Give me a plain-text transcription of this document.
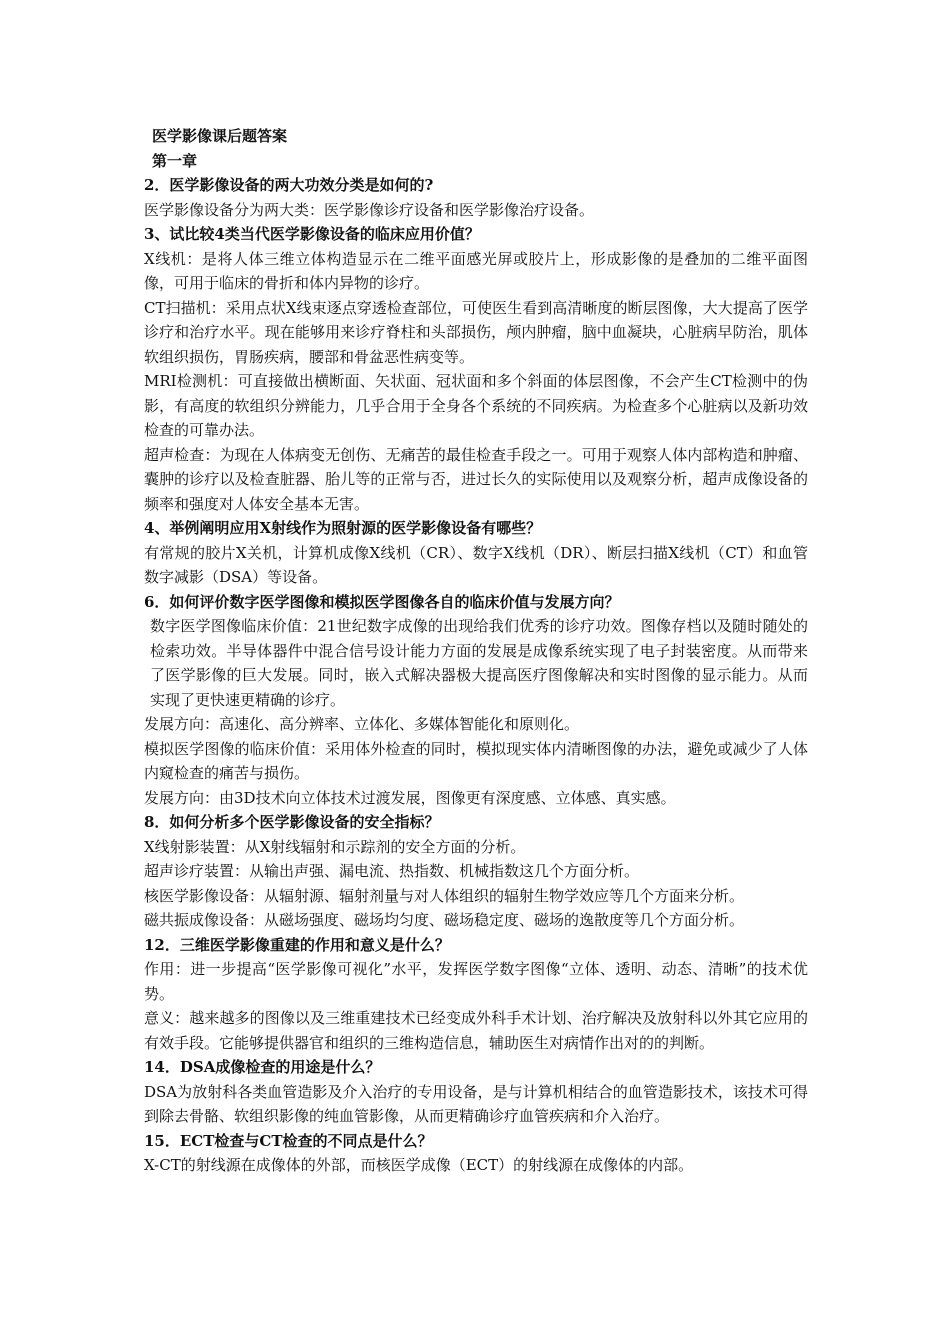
医学影像课后题答案
第一章
2．医学影像设备的两大功效分类是如何的?
医学影像设备分为两大类：医学影像诊疗设备和医学影像治疗设备。
3、试比较4类当代医学影像设备的临床应用价值？
X线机：是将人体三维立体构造显示在二维平面感光屏或胶片上，形成影像的是叠加的二维平面图像，可用于临床的骨折和体内异物的诊疗。
CT扫描机：采用点状X线束逐点穿透检查部位，可使医生看到高清晰度的断层图像，大大提高了医学诊疗和治疗水平。现在能够用来诊疗脊柱和头部损伤，颅内肿瘤，脑中血凝块，心脏病早防治，肌体软组织损伤，胃肠疾病，腰部和骨盆恶性病变等。
MRI检测机：可直接做出横断面、矢状面、冠状面和多个斜面的体层图像，不会产生CT检测中的伪影，有高度的软组织分辨能力，几乎合用于全身各个系统的不同疾病。为检查多个心脏病以及新功效检查的可靠办法。
超声检查：为现在人体病变无创伤、无痛苦的最佳检查手段之一。可用于观察人体内部构造和肿瘤、囊肿的诊疗以及检查脏器、胎儿等的正常与否，进过长久的实际使用以及观察分析，超声成像设备的频率和强度对人体安全基本无害。
4、举例阐明应用X射线作为照射源的医学影像设备有哪些？
有常规的胶片X关机，计算机成像X线机（CR）、数字X线机（DR）、断层扫描X线机（CT）和血管数字减影（DSA）等设备。
6．如何评价数字医学图像和模拟医学图像各自的临床价值与发展方向？
数字医学图像临床价值：21世纪数字成像的出现给我们优秀的诊疗功效。图像存档以及随时随处的检索功效。半导体器件中混合信号设计能力方面的发展是成像系统实现了电子封装密度。从而带来了医学影像的巨大发展。同时，嵌入式解决器极大提高医疗图像解决和实时图像的显示能力。从而实现了更快速更精确的诊疗。
发展方向：高速化、高分辨率、立体化、多媒体智能化和原则化。
模拟医学图像的临床价值：采用体外检查的同时，模拟现实体内清晰图像的办法，避免或减少了人体内窥检查的痛苦与损伤。
发展方向：由3D技术向立体技术过渡发展，图像更有深度感、立体感、真实感。
8．如何分析多个医学影像设备的安全指标？
X线射影装置：从X射线辐射和示踪剂的安全方面的分析。
超声诊疗装置：从输出声强、漏电流、热指数、机械指数这几个方面分析。
核医学影像设备：从辐射源、辐射剂量与对人体组织的辐射生物学效应等几个方面来分析。
磁共振成像设备：从磁场强度、磁场均匀度、磁场稳定度、磁场的逸散度等几个方面分析。
12．三维医学影像重建的作用和意义是什么？
作用：进一步提高“医学影像可视化”水平，发挥医学数字图像“立体、透明、动态、清晰”的技术优势。
意义：越来越多的图像以及三维重建技术已经变成外科手术计划、治疗解决及放射科以外其它应用的有效手段。它能够提供器官和组织的三维构造信息，辅助医生对病情作出对的的判断。
14．DSA成像检查的用途是什么？
DSA为放射科各类血管造影及介入治疗的专用设备，是与计算机相结合的血管造影技术，该技术可得到除去骨骼、软组织影像的纯血管影像，从而更精确诊疗血管疾病和介入治疗。
15．ECT检查与CT检查的不同点是什么？
X-CT的射线源在成像体的外部，而核医学成像（ECT）的射线源在成像体的内部。
